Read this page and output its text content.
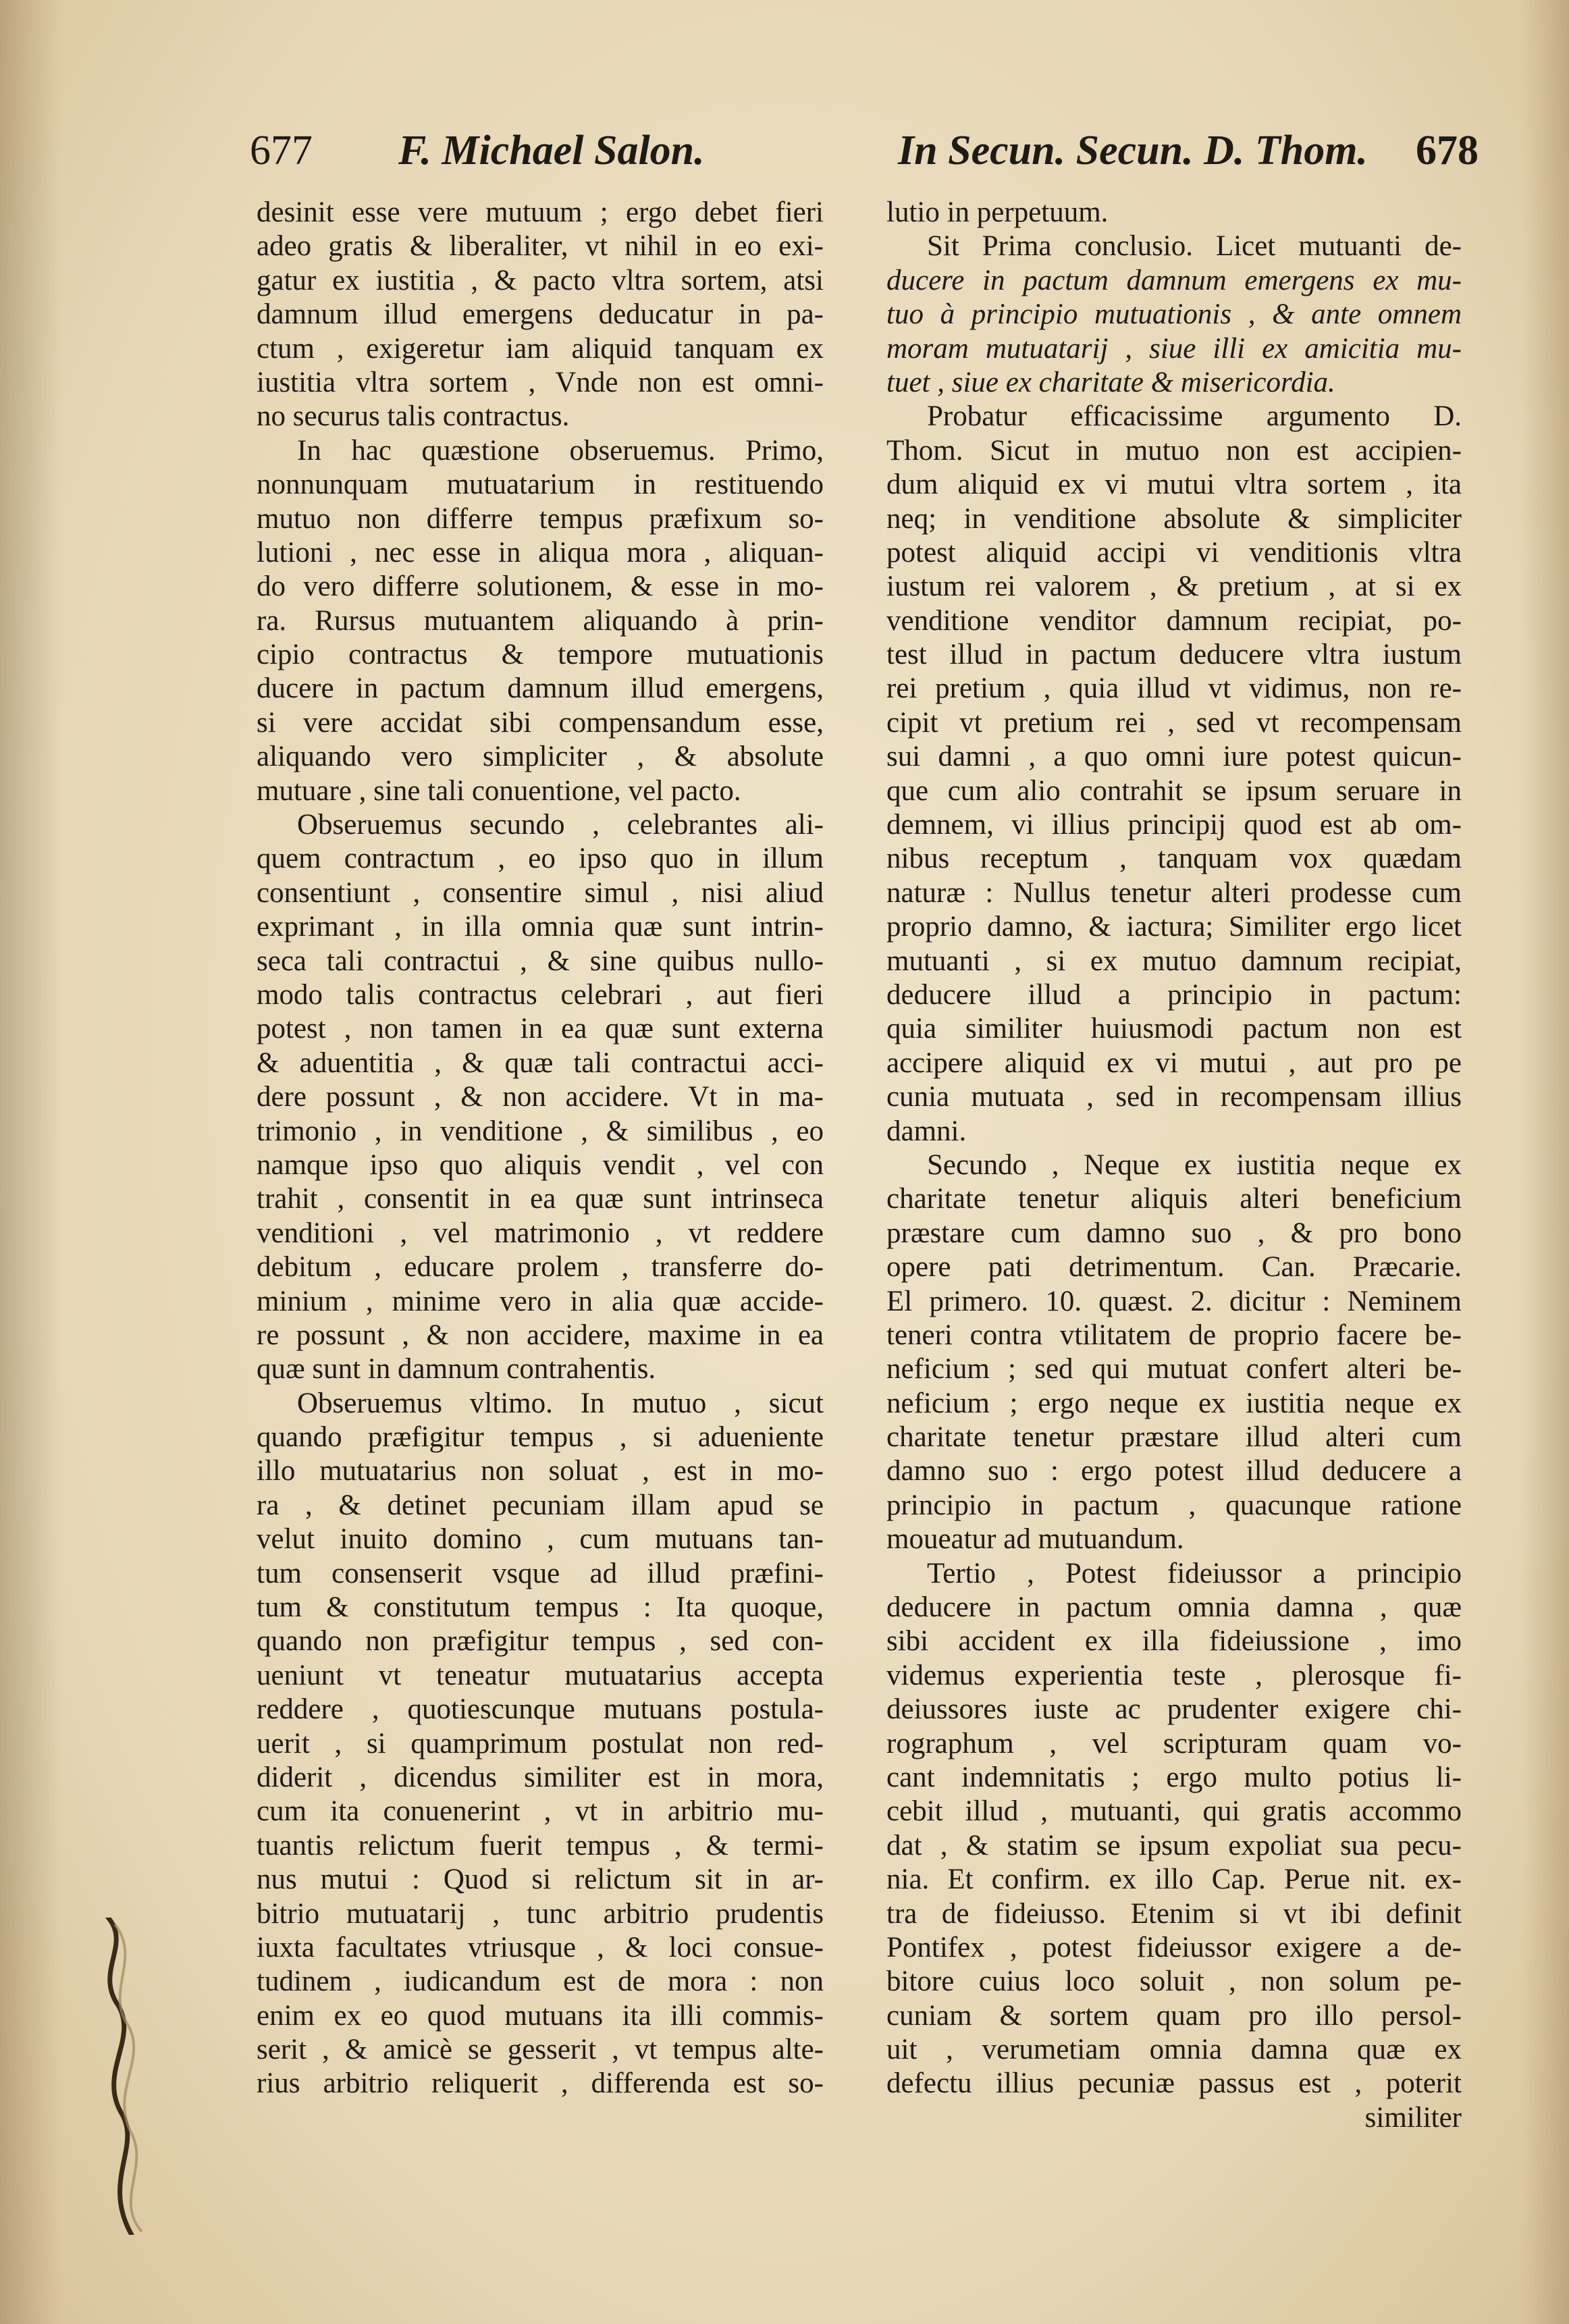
677 F. Michael Salon.	In Secun. Secun. D. Thom. 678
desinit esse vere mutuum ; ergo debet fieri
adeo gratis & liberaliter, vt nihil in eo exi-
gatur ex iustitia , & pacto vltra sortem, atsi
damnum illud emergens deducatur in pa-
ctum , exigeretur iam aliquid tanquam ex
iustitia vltra sortem , Vnde non est omni-
no securus talis contractus.
In hac quæstione obseruemus. Primo,
nonnunquam mutuatarium in restituendo
mutuo non differre tempus præfixum so-
lutioni , nec esse in aliqua mora , aliquan-
do vero differre solutionem, & esse in mo-
ra. Rursus mutuantem aliquando à prin-
cipio contractus & tempore mutuationis
ducere in pactum damnum illud emergens,
si vere accidat sibi compensandum esse,
aliquando vero simpliciter , & absolute
mutuare , sine tali conuentione, vel pacto.
Obseruemus secundo , celebrantes ali-
quem contractum , eo ipso quo in illum
consentiunt , consentire simul , nisi aliud
exprimant , in illa omnia quæ sunt intrin-
seca tali contractui , & sine quibus nullo-
modo talis contractus celebrari , aut fieri
potest , non tamen in ea quæ sunt externa
& aduentitia , & quæ tali contractui acci-
dere possunt , & non accidere. Vt in ma-
trimonio , in venditione , & similibus , eo
namque ipso quo aliquis vendit , vel con
trahit , consentit in ea quæ sunt intrinseca
venditioni , vel matrimonio , vt reddere
debitum , educare prolem , transferre do-
minium , minime vero in alia quæ accide-
re possunt , & non accidere, maxime in ea
quæ sunt in damnum contrahentis.
Obseruemus vltimo. In mutuo , sicut
quando præfigitur tempus , si adueniente
illo mutuatarius non soluat , est in mo-
ra , & detinet pecuniam illam apud se
velut inuito domino , cum mutuans tan-
tum consenserit vsque ad illud præfini-
tum & constitutum tempus : Ita quoque,
quando non præfigitur tempus , sed con-
ueniunt vt teneatur mutuatarius accepta
reddere , quotiescunque mutuans postula-
uerit , si quamprimum postulat non red-
diderit , dicendus similiter est in mora,
cum ita conuenerint , vt in arbitrio mu-
tuantis relictum fuerit tempus , & termi-
nus mutui : Quod si relictum sit in ar-
bitrio mutuatarij , tunc arbitrio prudentis
iuxta facultates vtriusque , & loci consue-
tudinem , iudicandum est de mora : non
enim ex eo quod mutuans ita illi commis-
serit , & amicè se gesserit , vt tempus alte-
rius arbitrio reliquerit , differenda est so-
lutio in perpetuum.
Sit Prima conclusio. Licet mutuanti de-
ducere in pactum damnum emergens ex mu-
tuo à principio mutuationis , & ante omnem
moram mutuatarij , siue illi ex amicitia mu-
tuet , siue ex charitate & misericordia.
Probatur efficacissime argumento D.
Thom. Sicut in mutuo non est accipien-
dum aliquid ex vi mutui vltra sortem , ita
neq; in venditione absolute & simpliciter
potest aliquid accipi vi venditionis vltra
iustum rei valorem , & pretium , at si ex
venditione venditor damnum recipiat, po-
test illud in pactum deducere vltra iustum
rei pretium , quia illud vt vidimus, non re-
cipit vt pretium rei , sed vt recompensam
sui damni , a quo omni iure potest quicun-
que cum alio contrahit se ipsum seruare in
demnem, vi illius principij quod est ab om-
nibus receptum , tanquam vox quædam
naturæ : Nullus tenetur alteri prodesse cum
proprio damno, & iactura; Similiter ergo licet
mutuanti , si ex mutuo damnum recipiat,
deducere illud a principio in pactum:
quia similiter huiusmodi pactum non est
accipere aliquid ex vi mutui , aut pro pe
cunia mutuata , sed in recompensam illius
damni.
Secundo , Neque ex iustitia neque ex
charitate tenetur aliquis alteri beneficium
præstare cum damno suo , & pro bono
opere pati detrimentum. Can. Præcarie.
El primero. 10. quæst. 2. dicitur : Neminem
teneri contra vtilitatem de proprio facere be-
neficium ; sed qui mutuat confert alteri be-
neficium ; ergo neque ex iustitia neque ex
charitate tenetur præstare illud alteri cum
damno suo : ergo potest illud deducere a
principio in pactum , quacunque ratione
moueatur ad mutuandum.
Tertio , Potest fideiussor a principio
deducere in pactum omnia damna , quæ
sibi accident ex illa fideiussione , imo
videmus experientia teste , plerosque fi-
deiussores iuste ac prudenter exigere chi-
rographum , vel scripturam quam vo-
cant indemnitatis ; ergo multo potius li-
cebit illud , mutuanti, qui gratis accommo
dat , & statim se ipsum expoliat sua pecu-
nia. Et confirm. ex illo Cap. Perue nit. ex-
tra de fideiusso. Etenim si vt ibi definit
Pontifex , potest fideiussor exigere a de-
bitore cuius loco soluit , non solum pe-
cuniam & sortem quam pro illo persol-
uit , verumetiam omnia damna quæ ex
defectu illius pecuniæ passus est , poterit
similiter
